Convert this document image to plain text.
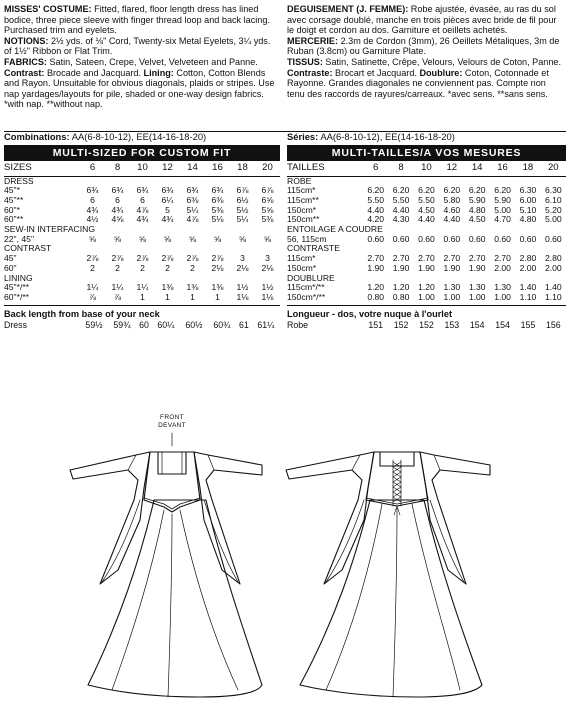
MISSES' COSTUME: Fitted, flared, floor length dress has lined bodice, three piece sleeve with finger thread loop and back lacing. Purchased trim and eyelets.

NOTIONS: 2½ yds. of ⅛" Cord, Twenty-six Metal Eyelets, 3¼ yds. of 1½" Ribbon or Flat Trim.

FABRICS: Satin, Sateen, Crepe, Velvet, Velveteen and Panne. Contrast: Brocade and Jacquard. Lining: Cotton, Cotton Blends and Rayon. Unsuitable for obvious diagonals, plaids or stripes. Use nap yardages/layouts for pile, shaded or one-way design fabrics. *with nap. **without nap.

Combinations: AA(6-8-10-12), EE(14-16-18-20)
MULTI-SIZED FOR CUSTOM FIT
SIZES	6	8	10	12	14	16	18	20
DRESS								
45"*	6¾	6¾	6¾	6¾	6¾	6¾	6⅞	6⅞
45"**	6	6	6	6¼	6⅜	6⅜	6½	6⅝
60"*	4¾	4¾	4⅞	5	5¼	5⅜	5½	5⅝
60"**	4½	4⅝	4¾	4¾	4⅞	5⅛	5¼	5⅜
SEW-IN INTERFACING								
22", 45"	⅝	⅝	⅝	⅝	⅝	⅝	⅝	⅝
CONTRAST								
45"	2⅞	2⅞	2⅞	2⅞	2⅞	2⅞	3	3
60"	2	2	2	2	2	2⅛	2⅛	2⅛
LINING								
45"*/**	1¼	1¼	1¼	1⅜	1⅜	1⅜	1½	1½
60"*/**	⅞	⅞	1	1	1	1	1⅛	1⅛
Back length from base of your neck
Dress	59½	59¾	60	60¼	60½	60¾	61	61¼

DEGUISEMENT (J. FEMME): Robe ajustée, évasée, au ras du sol avec corsage doublé, manche en trois pièces avec bride de fil pour le doigt et cordon au dos. Garniture et oeillets achetés.

MERCERIE: 2.3m de Cordon (3mm), 26 Oeillets Métaliques, 3m de Ruban (3.8cm) ou Garniture Plate.

TISSUS: Satin, Satinette, Crêpe, Velours, Velours de Coton, Panne. Contraste: Brocart et Jacquard. Doublure: Coton, Cotonnade et Rayonne. Grandes diagonales ne conviennent pas. Compte non tenu des raccords de rayures/carreaux. *avec sens. **sans sens.

Séries: AA(6-8-10-12), EE(14-16-18-20)
MULTI-TAILLES/A VOS MESURES
TAILLES	6	8	10	12	14	16	18	20
ROBE								
115cm*	6.20	6.20	6.20	6.20	6.20	6.20	6.30	6.30
115cm**	5.50	5.50	5.50	5.80	5.90	5.90	6.00	6.10
150cm*	4.40	4.40	4.50	4.60	4.80	5.00	5.10	5.20
150cm**	4.20	4.30	4.40	4.40	4.50	4.70	4.80	5.00
ENTOILAGE A COUDRE								
56, 115cm	0.60	0.60	0.60	0.60	0.60	0.60	0.60	0.60
CONTRASTE								
115cm*	2.70	2.70	2.70	2.70	2.70	2.70	2.80	2.80
150cm*	1.90	1.90	1.90	1.90	1.90	2.00	2.00	2.00
DOUBLURE								
115cm*/**	1.20	1.20	1.20	1.30	1.30	1.30	1.40	1.40
150cm*/**	0.80	0.80	1.00	1.00	1.00	1.00	1.10	1.10
Longueur - dos, votre nuque à l'ourlet
Robe	151	152	152	153	154	154	155	156
FRONT
DEVANT
